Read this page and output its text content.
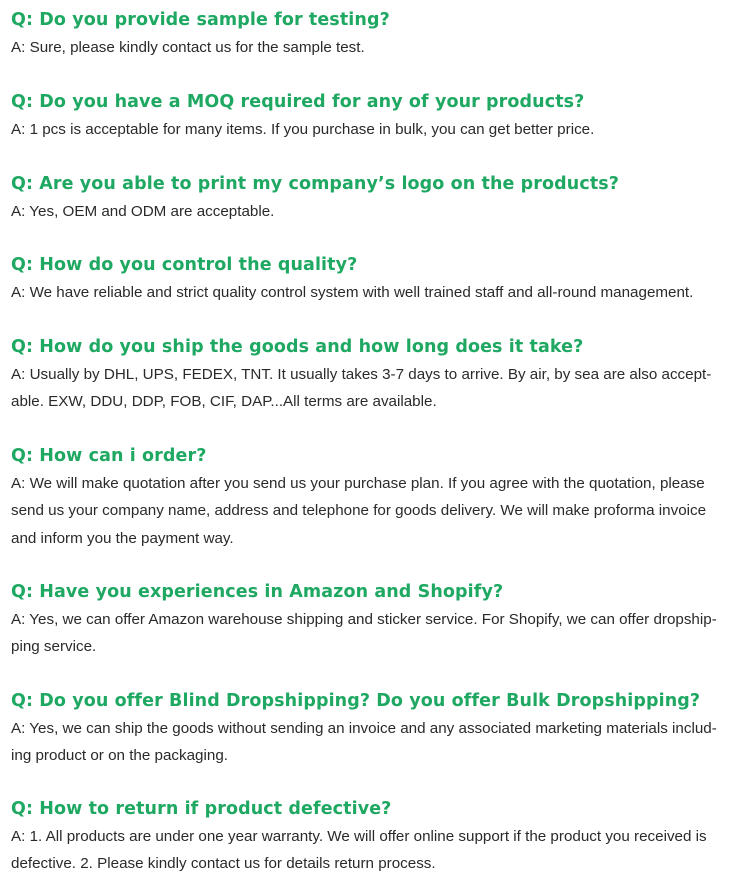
Q: Do you provide sample for testing?
A: Sure, please kindly contact us for the sample test.
Q: Do you have a MOQ required for any of your products?
A: 1 pcs is acceptable for many items. If you purchase in bulk, you can get better price.
Q: Are you able to print my company’s logo on the products?
A: Yes, OEM and ODM are acceptable.
Q: How do you control the quality?
A: We have reliable and strict quality control system with well trained staff and all-round management.
Q: How do you ship the goods and how long does it take?
A: Usually by DHL, UPS, FEDEX, TNT. It usually takes 3-7 days to arrive. By air, by sea are also accept-
able. EXW, DDU, DDP, FOB, CIF, DAP...All terms are available.
Q: How can i order?
A: We will make quotation after you send us your purchase plan. If you agree with the quotation, please
send us your company name, address and telephone for goods delivery. We will make proforma invoice
and inform you the payment way.
Q: Have you experiences in Amazon and Shopify?
A: Yes, we can offer Amazon warehouse shipping and sticker service. For Shopify, we can offer dropship-
ping service.
Q: Do you offer Blind Dropshipping? Do you offer Bulk Dropshipping?
A: Yes, we can ship the goods without sending an invoice and any associated marketing materials includ-
ing product or on the packaging.
Q: How to return if product defective?
A: 1. All products are under one year warranty. We will offer online support if the product you received is
defective. 2. Please kindly contact us for details return process.
